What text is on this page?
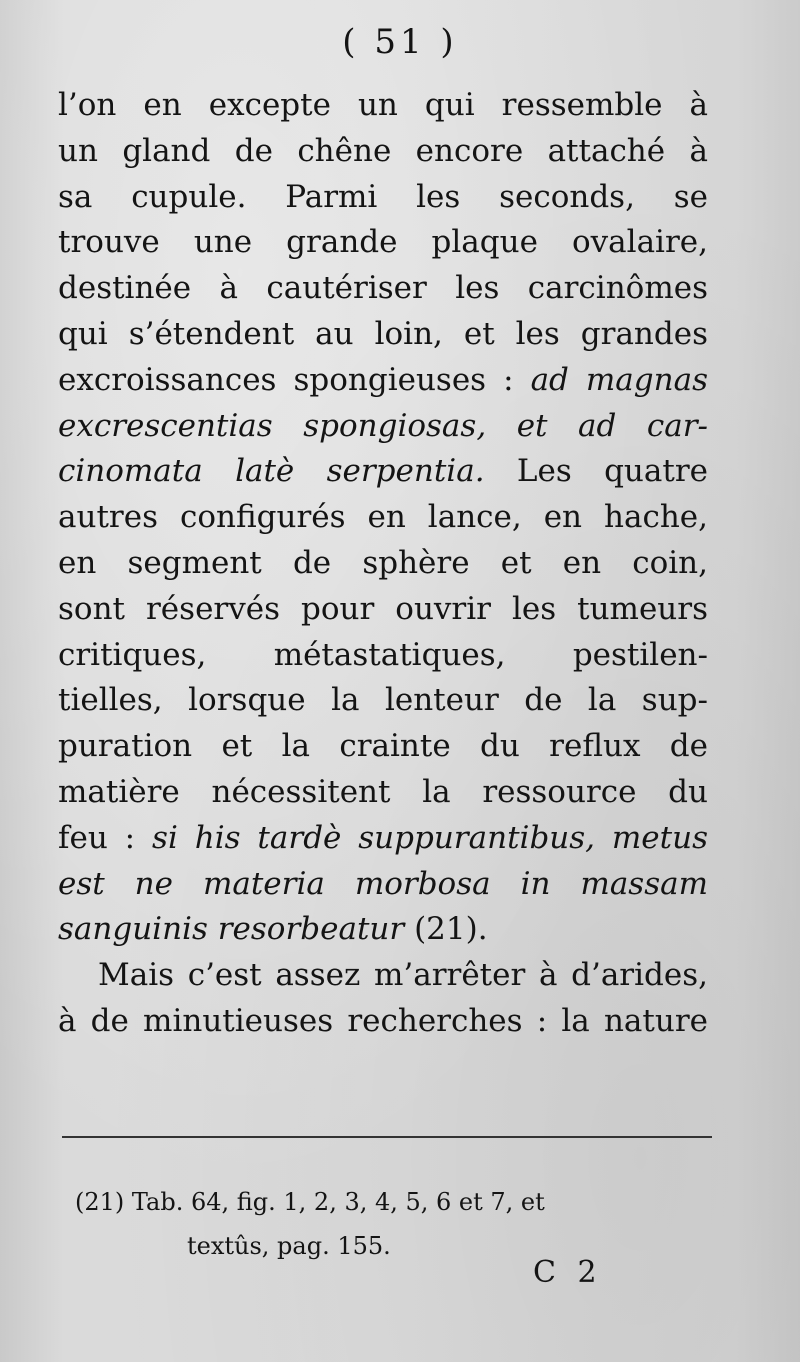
( 51 )
l’on en excepte un qui ressemble à
un gland de chêne encore attaché à
sa cupule. Parmi les seconds, se
trouve une grande plaque ovalaire,
destinée à cautériser les carcinômes
qui s’étendent au loin, et les grandes
excroissances spongieuses : ad magnas
excrescentias spongiosas, et ad car-
cinomata latè serpentia. Les quatre
autres configurés en lance, en hache,
en segment de sphère et en coin,
sont réservés pour ouvrir les tumeurs
critiques, métastatiques, pestilen-
tielles, lorsque la lenteur de la sup-
puration et la crainte du reflux de
matière nécessitent la ressource du
feu : si his tardè suppurantibus, metus
est ne materia morbosa in massam
sanguinis resorbeatur (21).
Mais c’est assez m’arrêter à d’arides,
à de minutieuses recherches : la nature
(21) Tab. 64, fig. 1, 2, 3, 4, 5, 6 et 7, et
textûs, pag. 155.
C 2
